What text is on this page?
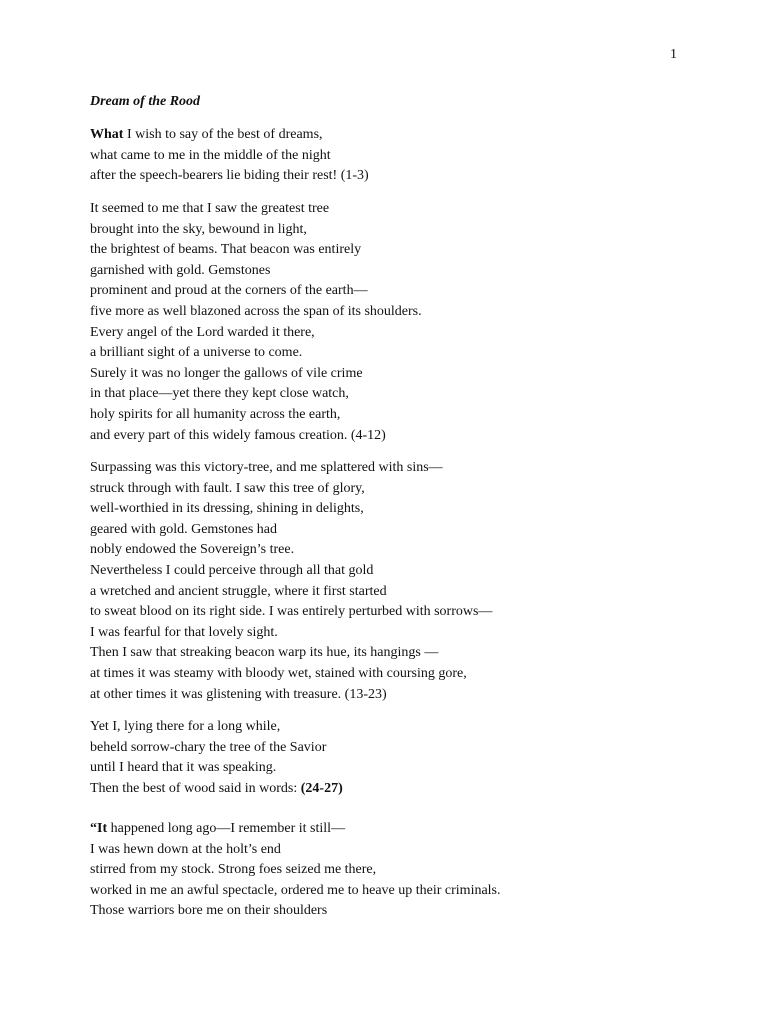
1
Dream of the Rood
What I wish to say of the best of dreams,
what came to me in the middle of the night
after the speech-bearers lie biding their rest! (1-3)
It seemed to me that I saw the greatest tree
brought into the sky, bewound in light,
the brightest of beams. That beacon was entirely
garnished with gold. Gemstones
prominent and proud at the corners of the earth—
five more as well blazoned across the span of its shoulders.
Every angel of the Lord warded it there,
a brilliant sight of a universe to come.
Surely it was no longer the gallows of vile crime
in that place—yet there they kept close watch,
holy spirits for all humanity across the earth,
and every part of this widely famous creation. (4-12)
Surpassing was this victory-tree, and me splattered with sins—
struck through with fault. I saw this tree of glory,
well-worthied in its dressing, shining in delights,
geared with gold. Gemstones had
nobly endowed the Sovereign’s tree.
Nevertheless I could perceive through all that gold
a wretched and ancient struggle, where it first started
to sweat blood on its right side. I was entirely perturbed with sorrows—
I was fearful for that lovely sight.
Then I saw that streaking beacon warp its hue, its hangings —
at times it was steamy with bloody wet, stained with coursing gore,
at other times it was glistening with treasure. (13-23)
Yet I, lying there for a long while,
beheld sorrow-chary the tree of the Savior
until I heard that it was speaking.
Then the best of wood said in words: (24-27)
“It happened long ago—I remember it still—
I was hewn down at the holt’s end
stirred from my stock. Strong foes seized me there,
worked in me an awful spectacle, ordered me to heave up their criminals.
Those warriors bore me on their shoulders
